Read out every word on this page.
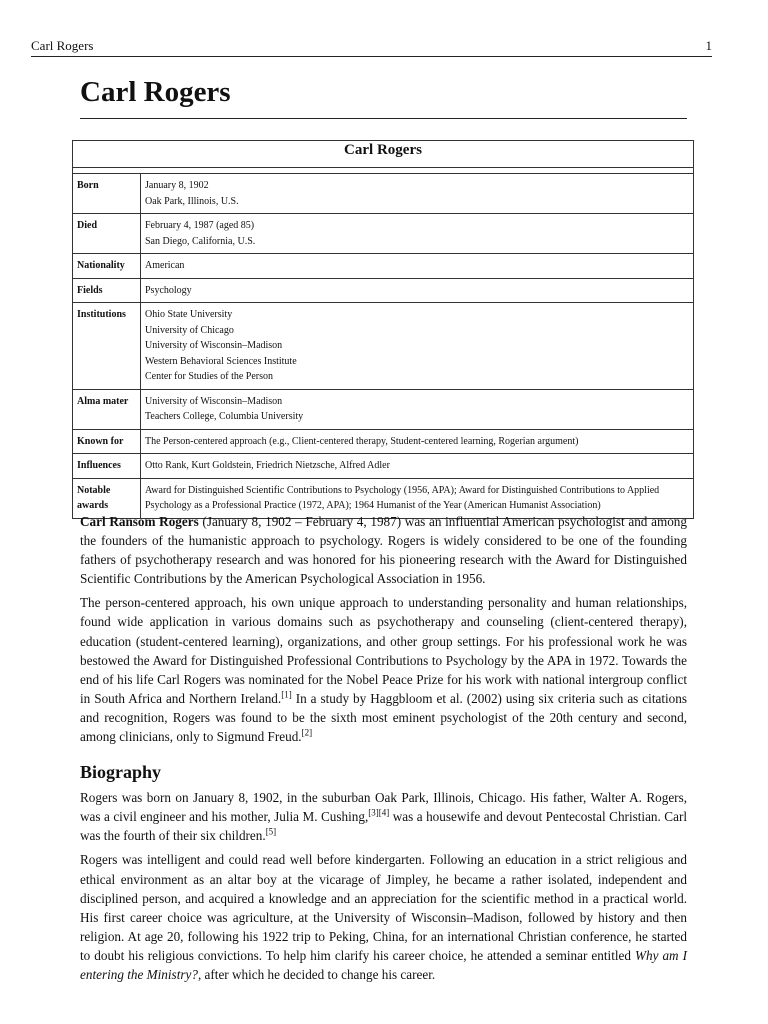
Carl Rogers	1
Carl Rogers
Carl Rogers	

Born	January 8, 1902
Oak Park, Illinois, U.S.

Died	February 4, 1987 (aged 85)
San Diego, California, U.S.

Nationality	American

Fields	Psychology

Institutions	Ohio State University
University of Chicago
University of Wisconsin–Madison
Western Behavioral Sciences Institute
Center for Studies of the Person

Alma mater	University of Wisconsin–Madison
Teachers College, Columbia University

Known for	The Person-centered approach (e.g., Client-centered therapy, Student-centered learning, Rogerian argument)

Influences	Otto Rank, Kurt Goldstein, Friedrich Nietzsche, Alfred Adler

Notable awards	Award for Distinguished Scientific Contributions to Psychology (1956, APA); Award for Distinguished Contributions to Applied Psychology as a Professional Practice (1972, APA); 1964 Humanist of the Year (American Humanist Association)

Carl Ransom Rogers (January 8, 1902 – February 4, 1987) was an influential American psychologist and among the founders of the humanistic approach to psychology. Rogers is widely considered to be one of the founding fathers of psychotherapy research and was honored for his pioneering research with the Award for Distinguished Scientific Contributions by the American Psychological Association in 1956.

The person-centered approach, his own unique approach to understanding personality and human relationships, found wide application in various domains such as psychotherapy and counseling (client-centered therapy), education (student-centered learning), organizations, and other group settings. For his professional work he was bestowed the Award for Distinguished Professional Contributions to Psychology by the APA in 1972. Towards the end of his life Carl Rogers was nominated for the Nobel Peace Prize for his work with national intergroup conflict in South Africa and Northern Ireland.[1] In a study by Haggbloom et al. (2002) using six criteria such as citations and recognition, Rogers was found to be the sixth most eminent psychologist of the 20th century and second, among clinicians, only to Sigmund Freud.[2]

Biography

Rogers was born on January 8, 1902, in the suburban Oak Park, Illinois, Chicago. His father, Walter A. Rogers, was a civil engineer and his mother, Julia M. Cushing,[3][4] was a housewife and devout Pentecostal Christian. Carl was the fourth of their six children.[5]

Rogers was intelligent and could read well before kindergarten. Following an education in a strict religious and ethical environment as an altar boy at the vicarage of Jimpley, he became a rather isolated, independent and disciplined person, and acquired a knowledge and an appreciation for the scientific method in a practical world. His first career choice was agriculture, at the University of Wisconsin–Madison, followed by history and then religion. At age 20, following his 1922 trip to Peking, China, for an international Christian conference, he started to doubt his religious convictions. To help him clarify his career choice, he attended a seminar entitled Why am I entering the Ministry?, after which he decided to change his career.
